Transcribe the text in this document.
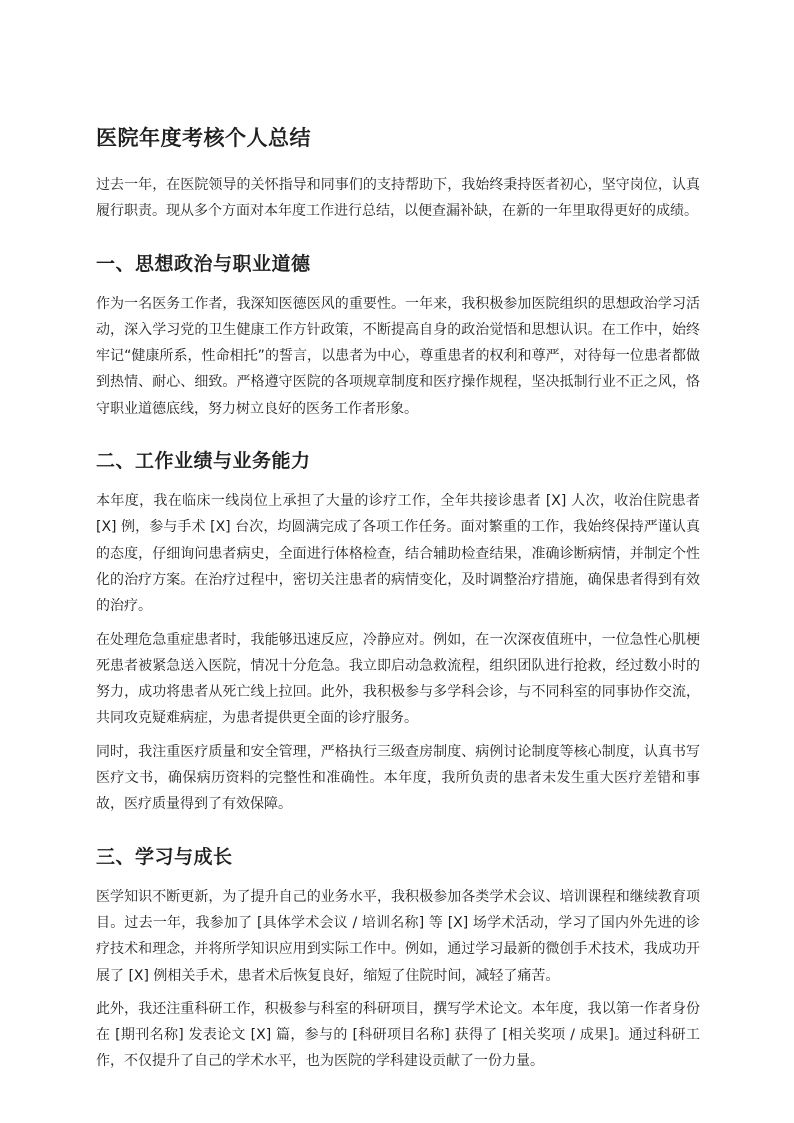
医院年度考核个人总结

过去一年，在医院领导的关怀指导和同事们的支持帮助下，我始终秉持医者初心，坚守岗位，认真履行职责。现从多个方面对本年度工作进行总结，以便查漏补缺，在新的一年里取得更好的成绩。

一、思想政治与职业道德

作为一名医务工作者，我深知医德医风的重要性。一年来，我积极参加医院组织的思想政治学习活动，深入学习党的卫生健康工作方针政策，不断提高自身的政治觉悟和思想认识。在工作中，始终牢记“健康所系，性命相托”的誓言，以患者为中心，尊重患者的权利和尊严，对待每一位患者都做到热情、耐心、细致。严格遵守医院的各项规章制度和医疗操作规程，坚决抵制行业不正之风，恪守职业道德底线，努力树立良好的医务工作者形象。

二、工作业绩与业务能力

本年度，我在临床一线岗位上承担了大量的诊疗工作，全年共接诊患者 [X] 人次，收治住院患者 [X] 例，参与手术 [X] 台次，均圆满完成了各项工作任务。面对繁重的工作，我始终保持严谨认真的态度，仔细询问患者病史，全面进行体格检查，结合辅助检查结果，准确诊断病情，并制定个性化的治疗方案。在治疗过程中，密切关注患者的病情变化，及时调整治疗措施，确保患者得到有效的治疗。

在处理危急重症患者时，我能够迅速反应，冷静应对。例如，在一次深夜值班中，一位急性心肌梗死患者被紧急送入医院，情况十分危急。我立即启动急救流程，组织团队进行抢救，经过数小时的努力，成功将患者从死亡线上拉回。此外，我积极参与多学科会诊，与不同科室的同事协作交流，共同攻克疑难病症，为患者提供更全面的诊疗服务。

同时，我注重医疗质量和安全管理，严格执行三级查房制度、病例讨论制度等核心制度，认真书写医疗文书，确保病历资料的完整性和准确性。本年度，我所负责的患者未发生重大医疗差错和事故，医疗质量得到了有效保障。

三、学习与成长

医学知识不断更新，为了提升自己的业务水平，我积极参加各类学术会议、培训课程和继续教育项目。过去一年，我参加了 [具体学术会议 / 培训名称] 等 [X] 场学术活动，学习了国内外先进的诊疗技术和理念，并将所学知识应用到实际工作中。例如，通过学习最新的微创手术技术，我成功开展了 [X] 例相关手术，患者术后恢复良好，缩短了住院时间，减轻了痛苦。

此外，我还注重科研工作，积极参与科室的科研项目，撰写学术论文。本年度，我以第一作者身份在 [期刊名称] 发表论文 [X] 篇，参与的 [科研项目名称] 获得了 [相关奖项 / 成果]。通过科研工作，不仅提升了自己的学术水平，也为医院的学科建设贡献了一份力量。
